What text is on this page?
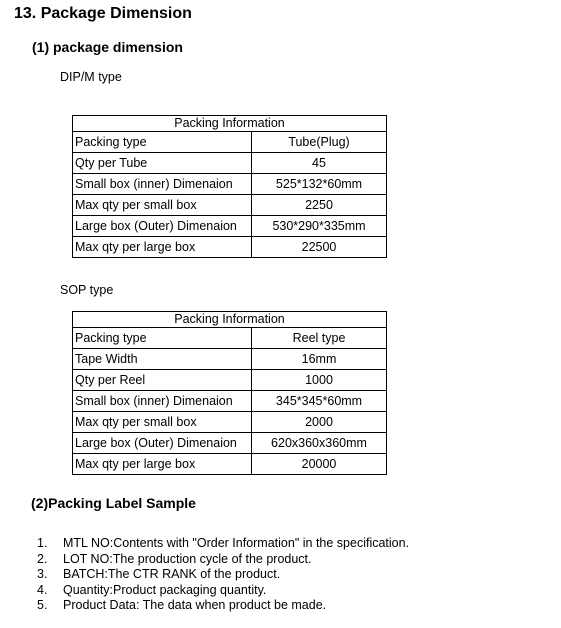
13. Package Dimension
(1) package dimension
DIP/M type
Packing Information	
Packing type	Tube(Plug)
Qty per Tube	45
Small box (inner) Dimenaion	525*132*60mm
Max qty per small box	2250
Large box (Outer) Dimenaion	530*290*335mm
Max qty per large box	22500
SOP type
Packing Information	
Packing type	Reel type
Tape Width	16mm
Qty per Reel	1000
Small box (inner) Dimenaion	345*345*60mm
Max qty per small box	2000
Large box (Outer) Dimenaion	620x360x360mm
Max qty per large box	20000
(2)Packing Label Sample
1. MTL NO:Contents with "Order Information" in the specification.
2. LOT NO:The production cycle of the product.
3. BATCH:The CTR RANK of the product.
4. Quantity:Product packaging quantity.
5. Product Data: The data when product be made.
